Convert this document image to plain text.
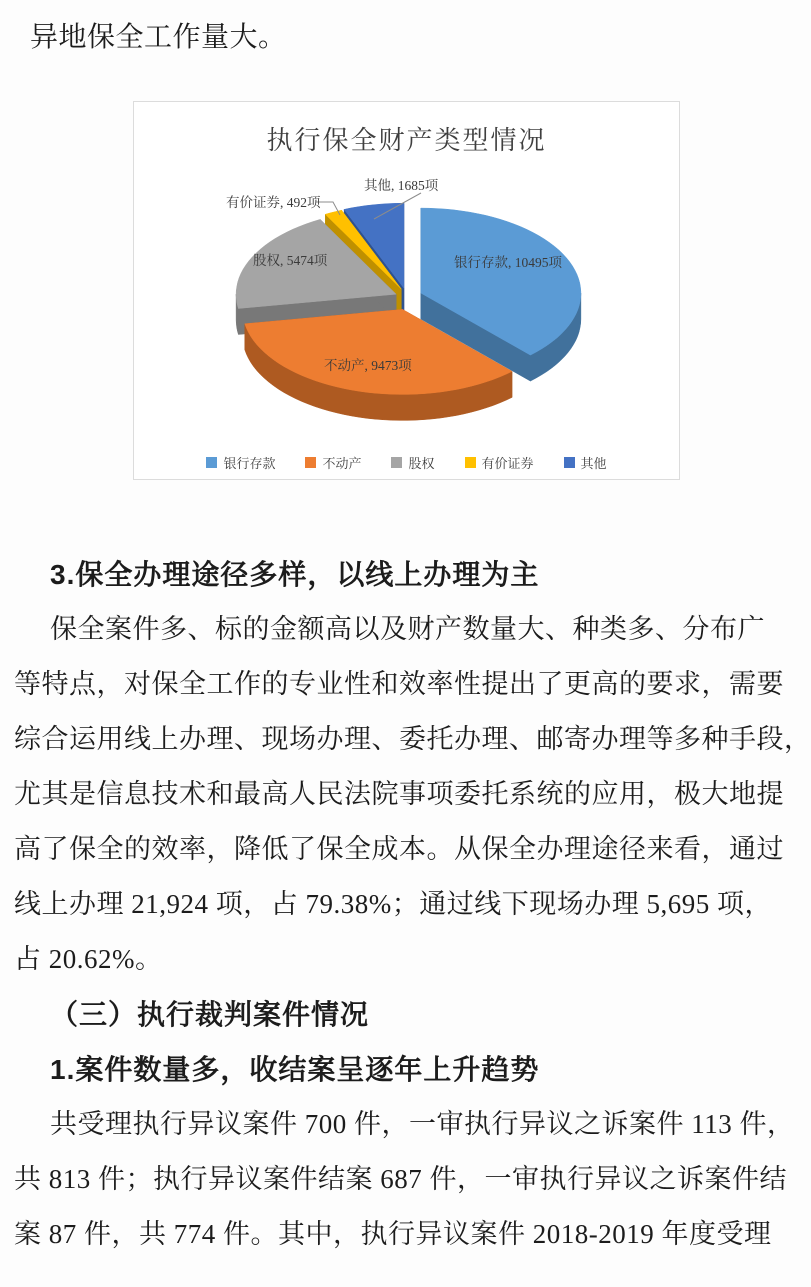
异地保全工作量大。
执行保全财产类型情况
其他, 1685项
有价证券, 492项
股权, 5474项	银行存款, 10495项
不动产, 9473项
银行存款	不动产	股权	有价证券	其他
3.保全办理途径多样，以线上办理为主
保全案件多、标的金额高以及财产数量大、种类多、分布广
等特点，对保全工作的专业性和效率性提出了更高的要求，需要
综合运用线上办理、现场办理、委托办理、邮寄办理等多种手段，
尤其是信息技术和最高人民法院事项委托系统的应用，极大地提
高了保全的效率，降低了保全成本。从保全办理途径来看，通过
线上办理 21,924 项，占 79.38%；通过线下现场办理 5,695 项，
占 20.62%。
（三）执行裁判案件情况
1.案件数量多，收结案呈逐年上升趋势
共受理执行异议案件 700 件，一审执行异议之诉案件 113 件，
共 813 件；执行异议案件结案 687 件，一审执行异议之诉案件结
案 87 件，共 774 件。其中，执行异议案件 2018-2019 年度受理
